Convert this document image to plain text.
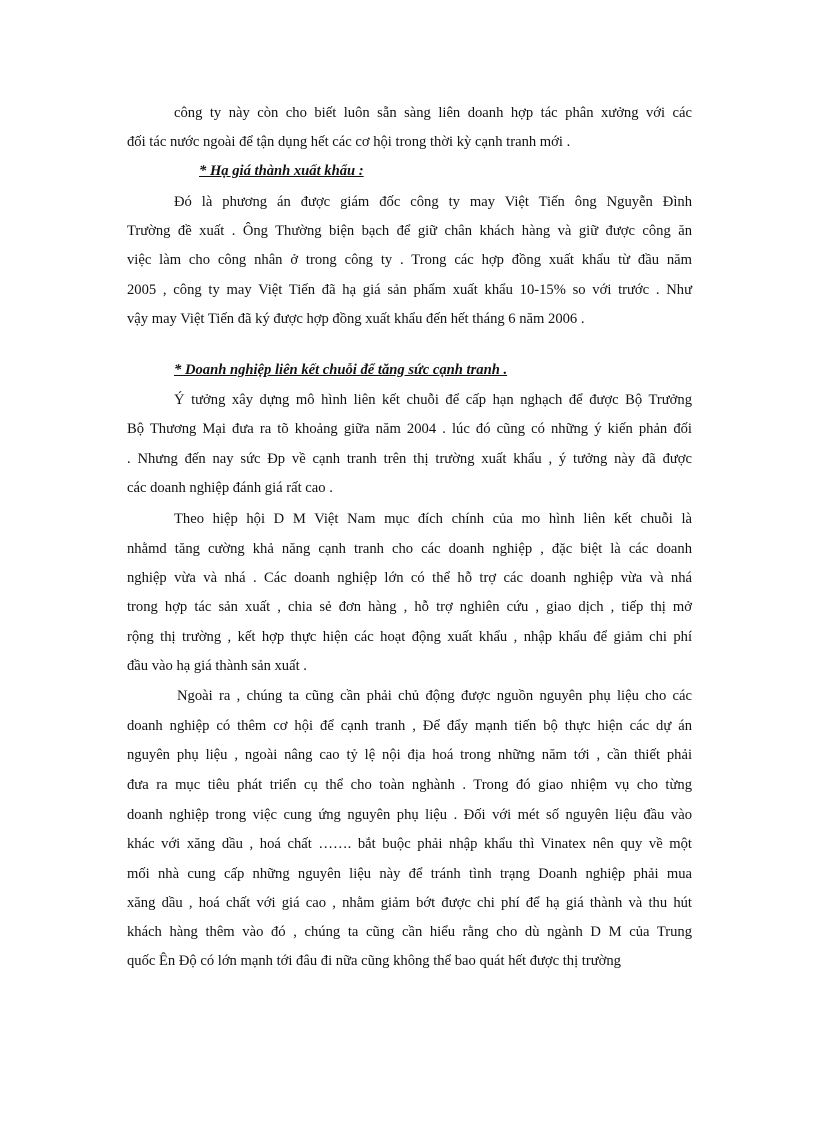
công ty này còn cho biết luôn sẵn sàng liên doanh hợp tác phân xưởng với các
đối tác nước ngoài để tận dụng hết các cơ hội trong thời kỳ cạnh tranh mới .
* Hạ giá thành xuất khẩu :
Đó là phương án được giám đốc công ty may Việt Tiến ông Nguyễn Đình
Trường đề xuất . Ông Thường biện bạch để giữ chân khách hàng và giữ được công ăn
việc làm cho công nhân ở trong công ty . Trong các hợp đồng xuất khẩu từ đầu năm
2005 , công ty may Việt Tiến đã hạ giá sản phẩm xuất khẩu 10-15% so với trước . Như
vậy may Việt Tiến đã ký được hợp đồng xuất khẩu đến hết tháng 6 năm 2006 .
* Doanh nghiệp liên kết chuỗi để tăng sức cạnh tranh .
Ý tưởng xây dựng mô hình liên kết chuỗi để cấp hạn nghạch để được Bộ Trưởng
Bộ Thương Mại đưa ra tõ khoảng giữa năm 2004 . lúc đó cũng có những ý kiến phản đối
. Nhưng đến nay sức Đp về cạnh tranh trên thị trường xuất khẩu , ý tưởng này đã được
các doanh nghiệp đánh giá rất cao .
Theo hiệp hội D M Việt Nam mục đích chính của mo hình liên kết chuỗi là
nhằmd tăng cường khả năng cạnh tranh cho các doanh nghiệp , đặc biệt là các doanh
nghiệp vừa và nhá . Các doanh nghiệp lớn có thể hỗ trợ các doanh nghiệp vừa và nhá
trong hợp tác sản xuất , chia sẻ đơn hàng , hỗ trợ nghiên cứu , giao dịch , tiếp thị mở
rộng thị trường , kết hợp thực hiện các hoạt động xuất khẩu , nhập khẩu để giảm chi phí
đầu vào hạ giá thành sản xuất .
Ngoài ra , chúng ta cũng cần phải chủ động được nguồn nguyên phụ liệu cho các
doanh nghiệp có thêm cơ hội để cạnh tranh , Để đẩy mạnh tiến bộ thực hiện các dự án
nguyên phụ liệu , ngoài nâng cao tỷ lệ nội địa hoá trong những năm tới , cần thiết phải
đưa ra mục tiêu phát triển cụ thể cho toàn nghành . Trong đó giao nhiệm vụ cho từng
doanh nghiệp trong việc cung ứng nguyên phụ liệu . Đối với mét số nguyên liệu đầu vào
khác với xăng dầu , hoá chất ……. bắt buộc phải nhập khẩu thì Vinatex nên quy về một
mối nhà cung cấp những nguyên liệu này để tránh tình trạng Doanh nghiệp phải mua
xăng dầu , hoá chất với giá cao , nhằm giảm bớt được chi phí để hạ giá thành và thu hút
khách hàng thêm vào đó , chúng ta cũng cần hiểu rằng cho dù ngành D M của Trung
quốc Ên Độ có lớn mạnh tới đâu đi nữa cũng không thể bao quát hết được thị trường
